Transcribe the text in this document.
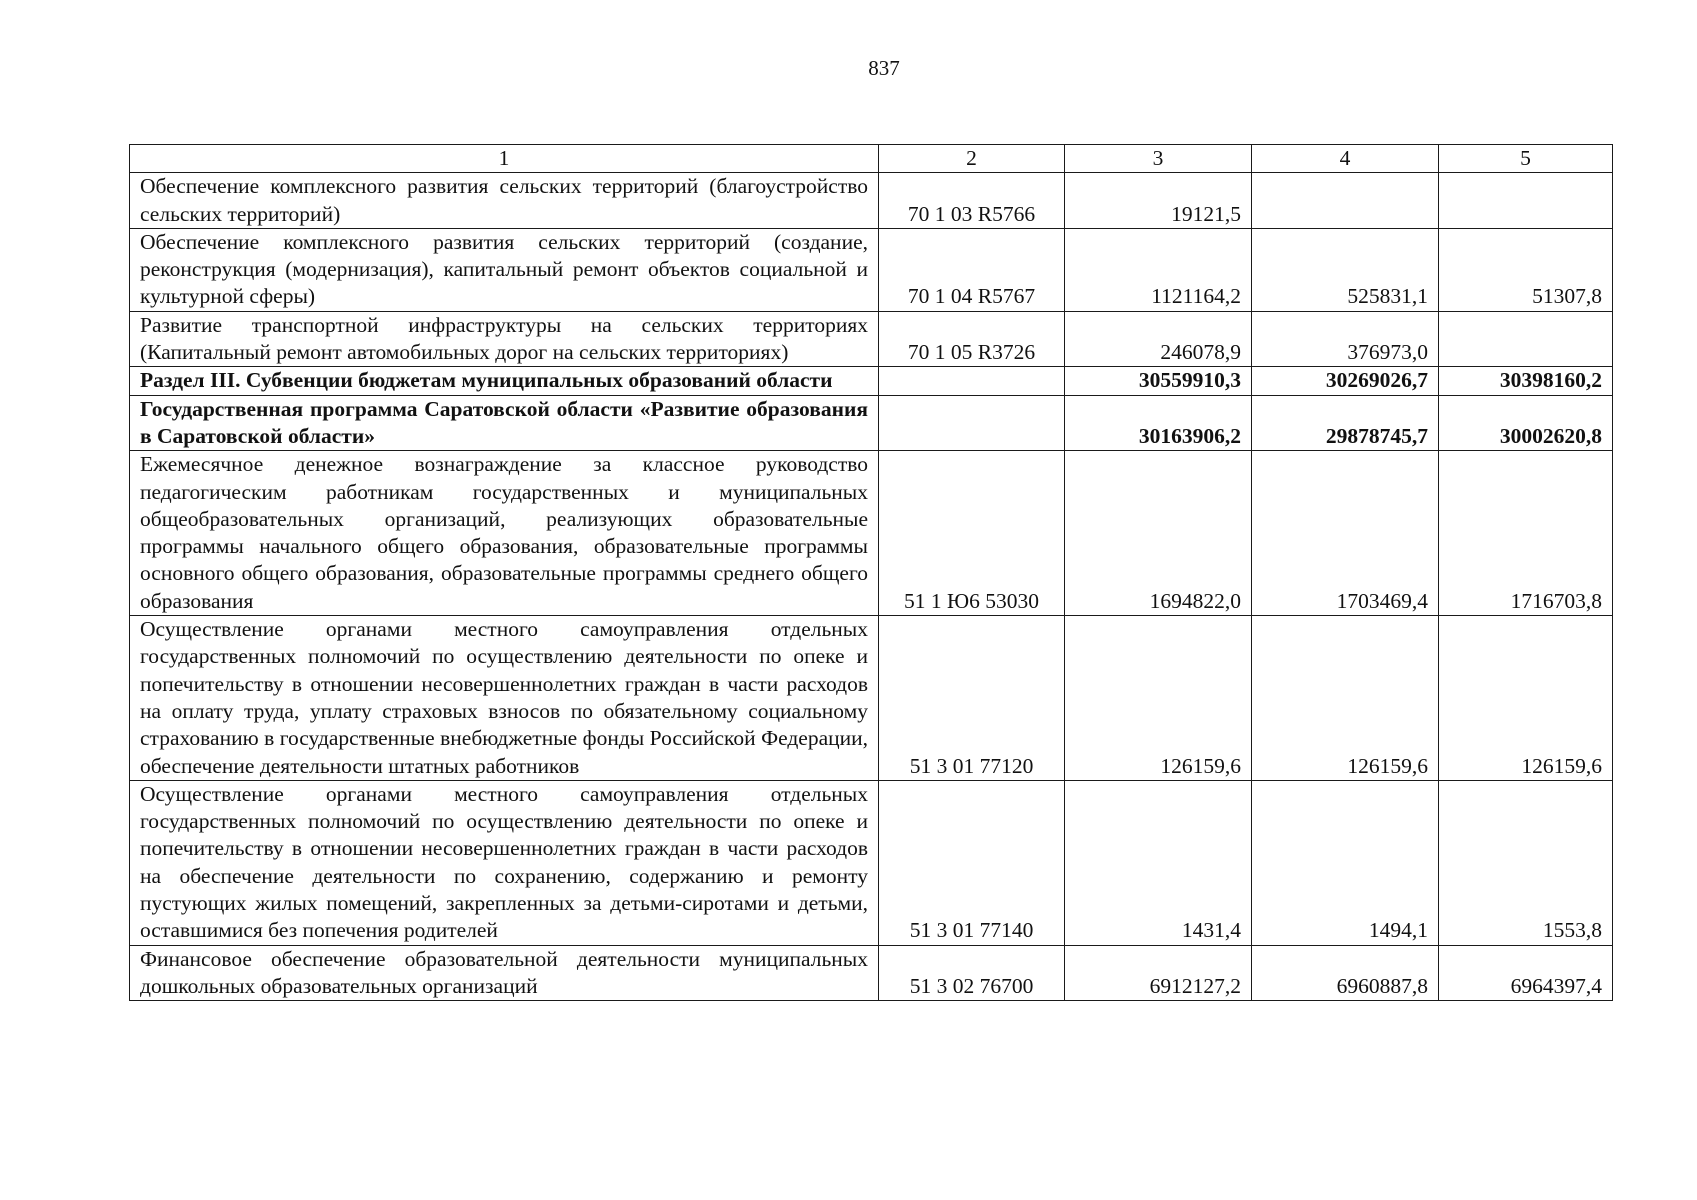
837
1	2	3	4	5
Обеспечение комплексного развития сельских территорий (благоустройство сельских территорий)	70 1 03 R5766	19121,5		
Обеспечение комплексного развития сельских территорий (создание, реконструкция (модернизация), капитальный ремонт объектов социальной и культурной сферы)	70 1 04 R5767	1121164,2	525831,1	51307,8
Развитие транспортной инфраструктуры на сельских территориях (Капитальный ремонт автомобильных дорог на сельских территориях)	70 1 05 R3726	246078,9	376973,0	
Раздел III. Субвенции бюджетам муниципальных образований области		30559910,3	30269026,7	30398160,2
Государственная программа Саратовской области «Развитие образования в Саратовской области»		30163906,2	29878745,7	30002620,8
Ежемесячное денежное вознаграждение за классное руководство педагогическим работникам государственных и муниципальных общеобразовательных организаций, реализующих образовательные программы начального общего образования, образовательные программы основного общего образования, образовательные программы среднего общего образования	51 1 Ю6 53030	1694822,0	1703469,4	1716703,8
Осуществление органами местного самоуправления отдельных государственных полномочий по осуществлению деятельности по опеке и попечительству в отношении несовершеннолетних граждан в части расходов на оплату труда, уплату страховых взносов по обязательному социальному страхованию в государственные внебюджетные фонды Российской Федерации, обеспечение деятельности штатных работников	51 3 01 77120	126159,6	126159,6	126159,6
Осуществление органами местного самоуправления отдельных государственных полномочий по осуществлению деятельности по опеке и попечительству в отношении несовершеннолетних граждан в части расходов на обеспечение деятельности по сохранению, содержанию и ремонту пустующих жилых помещений, закрепленных за детьми-сиротами и детьми, оставшимися без попечения родителей	51 3 01 77140	1431,4	1494,1	1553,8
Финансовое обеспечение образовательной деятельности муниципальных дошкольных образовательных организаций	51 3 02 76700	6912127,2	6960887,8	6964397,4
